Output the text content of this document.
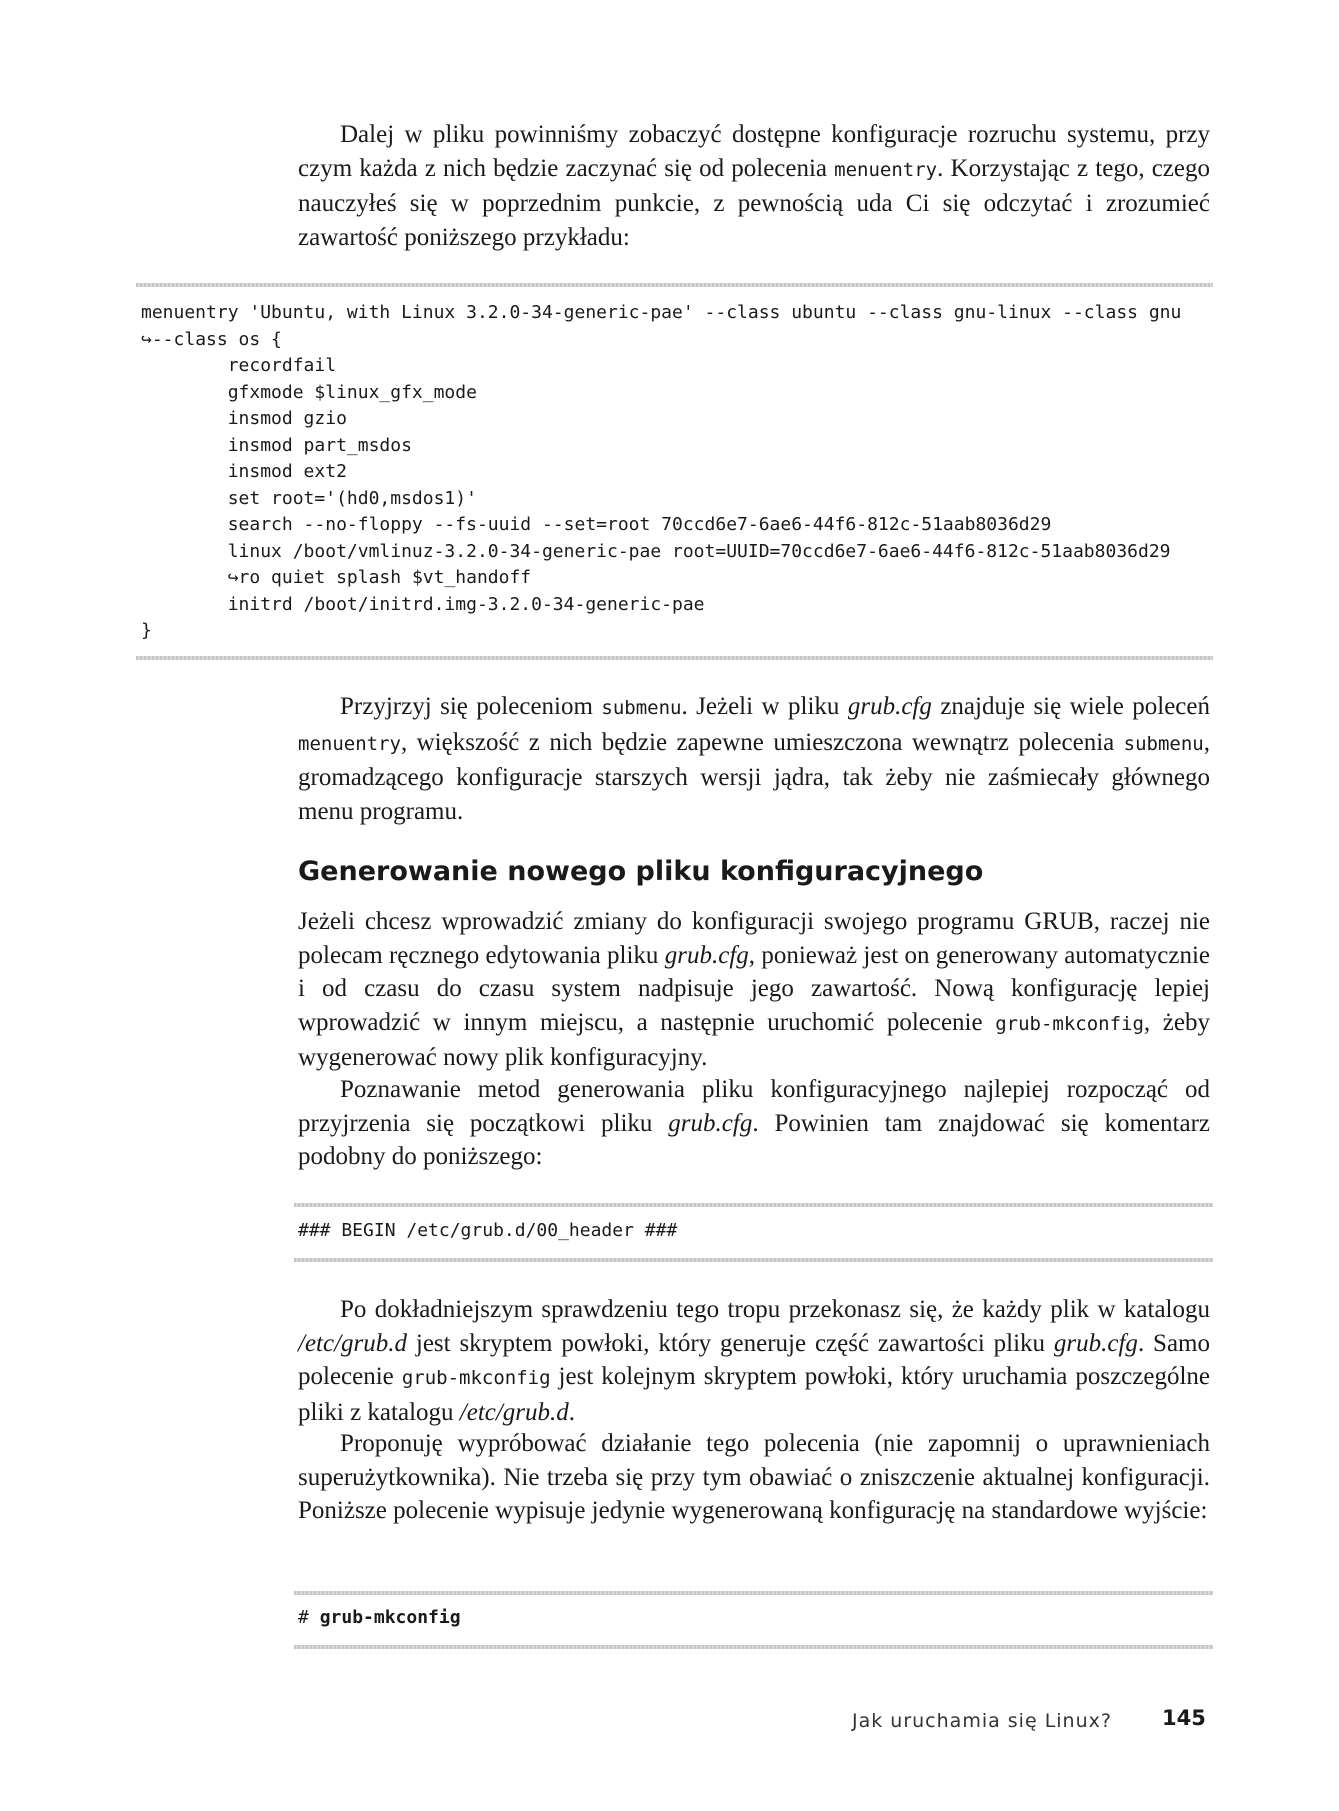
Dalej w pliku powinniśmy zobaczyć dostępne konfiguracje rozruchu systemu, przy czym każda z nich będzie zaczynać się od polecenia menuentry. Korzystając z tego, czego nauczyłeś się w poprzednim punkcie, z pewnością uda Ci się odczytać i zrozumieć zawartość poniższego przykładu:

menuentry 'Ubuntu, with Linux 3.2.0-34-generic-pae' --class ubuntu --class gnu-linux --class gnu
↪--class os {
recordfail
gfxmode $linux_gfx_mode
insmod gzio
insmod part_msdos
insmod ext2
set root='(hd0,msdos1)'
search --no-floppy --fs-uuid --set=root 70ccd6e7-6ae6-44f6-812c-51aab8036d29
linux /boot/vmlinuz-3.2.0-34-generic-pae root=UUID=70ccd6e7-6ae6-44f6-812c-51aab8036d29
↪ro quiet splash $vt_handoff
initrd /boot/initrd.img-3.2.0-34-generic-pae
}

Przyjrzyj się poleceniom submenu. Jeżeli w pliku grub.cfg znajduje się wiele poleceń menuentry, większość z nich będzie zapewne umieszczona wewnątrz polecenia submenu, gromadzącego konfiguracje starszych wersji jądra, tak żeby nie zaśmiecały głównego menu programu.

Generowanie nowego pliku konfiguracyjnego

Jeżeli chcesz wprowadzić zmiany do konfiguracji swojego programu GRUB, raczej nie polecam ręcznego edytowania pliku grub.cfg, ponieważ jest on generowany automatycznie i od czasu do czasu system nadpisuje jego zawartość. Nową konfigurację lepiej wprowadzić w innym miejscu, a następnie uruchomić polecenie grub-mkconfig, żeby wygenerować nowy plik konfiguracyjny.

Poznawanie metod generowania pliku konfiguracyjnego najlepiej rozpocząć od przyjrzenia się początkowi pliku grub.cfg. Powinien tam znajdować się komentarz podobny do poniższego:

### BEGIN /etc/grub.d/00_header ###

Po dokładniejszym sprawdzeniu tego tropu przekonasz się, że każdy plik w katalogu /etc/grub.d jest skryptem powłoki, który generuje część zawartości pliku grub.cfg. Samo polecenie grub-mkconfig jest kolejnym skryptem powłoki, który uruchamia poszczególne pliki z katalogu /etc/grub.d.

Proponuję wypróbować działanie tego polecenia (nie zapomnij o uprawnieniach superużytkownika). Nie trzeba się przy tym obawiać o zniszczenie aktualnej konfiguracji. Poniższe polecenie wypisuje jedynie wygenerowaną konfigurację na standardowe wyjście:

# grub-mkconfig
Jak uruchamia się Linux? 145
